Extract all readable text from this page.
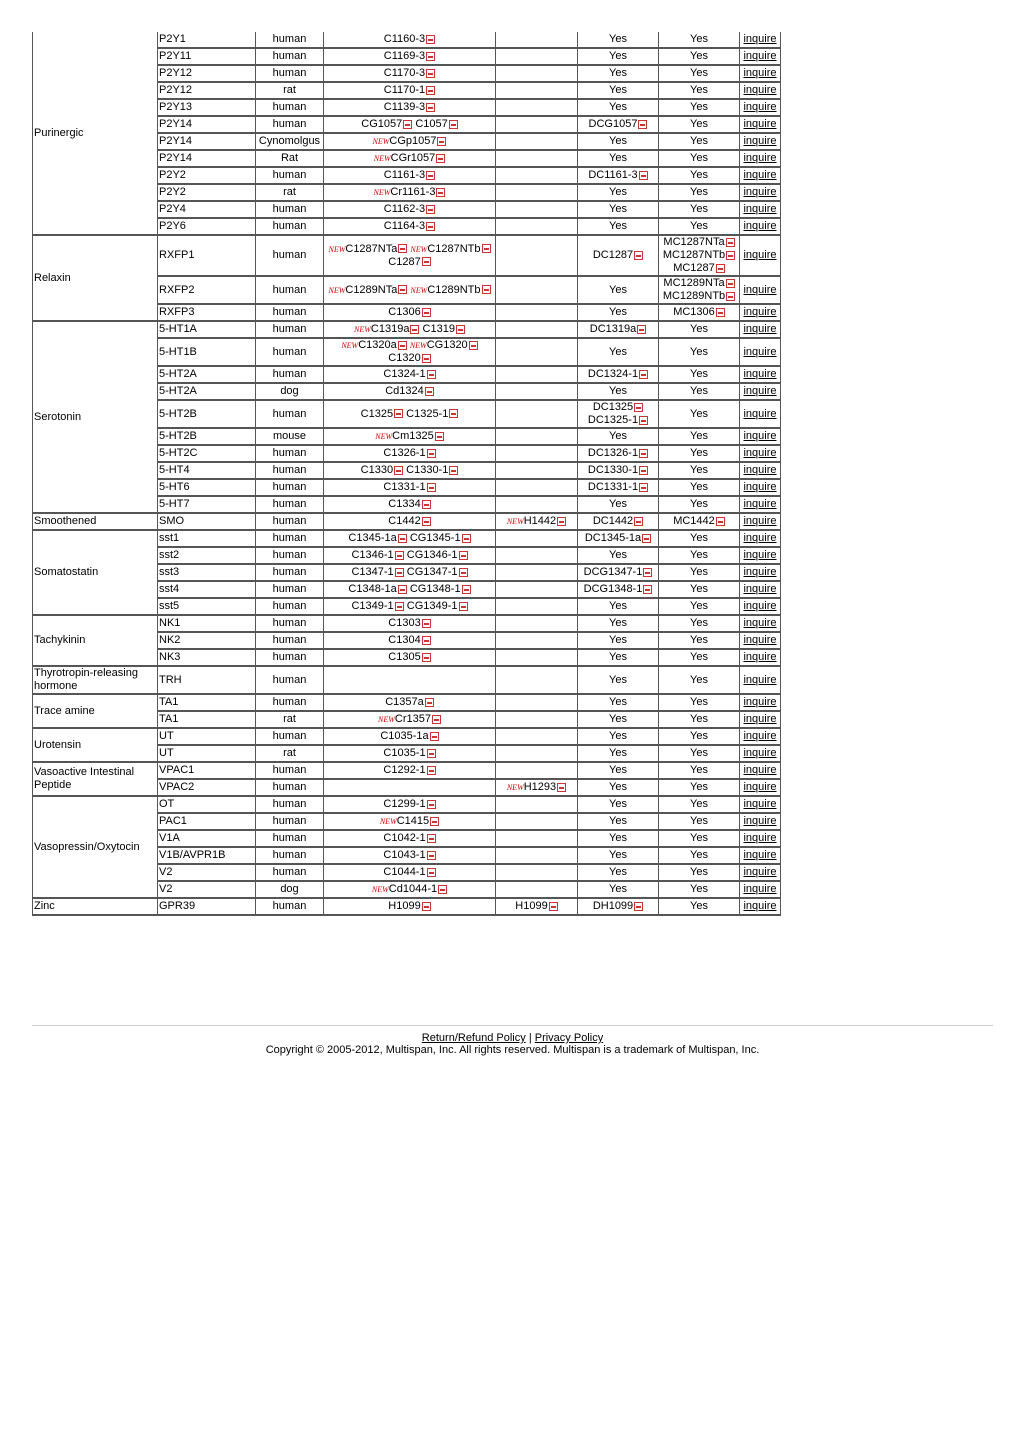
Purinergic	P2Y1	human	C1160-3		Yes	Yes	inquire
	P2Y11	human	C1169-3		Yes	Yes	inquire
	P2Y12	human	C1170-3		Yes	Yes	inquire
	P2Y12	rat	C1170-1		Yes	Yes	inquire
	P2Y13	human	C1139-3		Yes	Yes	inquire
	P2Y14	human	CG1057 C1057		DCG1057	Yes	inquire
	P2Y14	Cynomolgus	$^{NEW}$CGp1057		Yes	Yes	inquire
	P2Y14	Rat	$^{NEW}$CGr1057		Yes	Yes	inquire
	P2Y2	human	C1161-3		DC1161-3	Yes	inquire
	P2Y2	rat	$^{NEW}$Cr1161-3		Yes	Yes	inquire
	P2Y4	human	C1162-3		Yes	Yes	inquire
	P2Y6	human	C1164-3		Yes	Yes	inquire
Relaxin	RXFP1	human	$^{NEW}$C1287NTa $^{NEW}$C1287NTb C1287		DC1287	MC1287NTa MC1287NTb MC1287	inquire
	RXFP2	human	$^{NEW}$C1289NTa $^{NEW}$C1289NTb		Yes	MC1289NTa MC1289NTb	inquire
	RXFP3	human	C1306		Yes	MC1306	inquire
Serotonin	5-HT1A	human	$^{NEW}$C1319a C1319		DC1319a	Yes	inquire
	5-HT1B	human	$^{NEW}$C1320a $^{NEW}$CG1320 C1320		Yes	Yes	inquire
	5-HT2A	human	C1324-1		DC1324-1	Yes	inquire
	5-HT2A	dog	Cd1324		Yes	Yes	inquire
	5-HT2B	human	C1325 C1325-1		DC1325 DC1325-1	Yes	inquire
	5-HT2B	mouse	$^{NEW}$Cm1325		Yes	Yes	inquire
	5-HT2C	human	C1326-1		DC1326-1	Yes	inquire
	5-HT4	human	C1330 C1330-1		DC1330-1	Yes	inquire
	5-HT6	human	C1331-1		DC1331-1	Yes	inquire
	5-HT7	human	C1334		Yes	Yes	inquire
Smoothened	SMO	human	C1442	$^{NEW}$H1442	DC1442	MC1442	inquire
Somatostatin	sst1	human	C1345-1a CG1345-1		DC1345-1a	Yes	inquire
	sst2	human	C1346-1 CG1346-1		Yes	Yes	inquire
	sst3	human	C1347-1 CG1347-1		DCG1347-1	Yes	inquire
	sst4	human	C1348-1a CG1348-1		DCG1348-1	Yes	inquire
	sst5	human	C1349-1 CG1349-1		Yes	Yes	inquire
Tachykinin	NK1	human	C1303		Yes	Yes	inquire
	NK2	human	C1304		Yes	Yes	inquire
	NK3	human	C1305		Yes	Yes	inquire
Thyrotropin-releasing hormone	TRH	human			Yes	Yes	inquire
Trace amine	TA1	human	C1357a		Yes	Yes	inquire
	TA1	rat	$^{NEW}$Cr1357		Yes	Yes	inquire
Urotensin	UT	human	C1035-1a		Yes	Yes	inquire
	UT	rat	C1035-1		Yes	Yes	inquire
Vasoactive Intestinal Peptide	VPAC1	human	C1292-1		Yes	Yes	inquire
	VPAC2	human		$^{NEW}$H1293	Yes	Yes	inquire
Vasopressin/Oxytocin	OT	human	C1299-1		Yes	Yes	inquire
	PAC1	human	$^{NEW}$C1415		Yes	Yes	inquire
	V1A	human	C1042-1		Yes	Yes	inquire
	V1B/AVPR1B	human	C1043-1		Yes	Yes	inquire
	V2	human	C1044-1		Yes	Yes	inquire
	V2	dog	$^{NEW}$Cd1044-1		Yes	Yes	inquire
Zinc	GPR39	human	H1099	H1099	DH1099	Yes	inquire
Return/Refund Policy | Privacy Policy
Copyright © 2005-2012, Multispan, Inc. All rights reserved. Multispan is a trademark of Multispan, Inc.
